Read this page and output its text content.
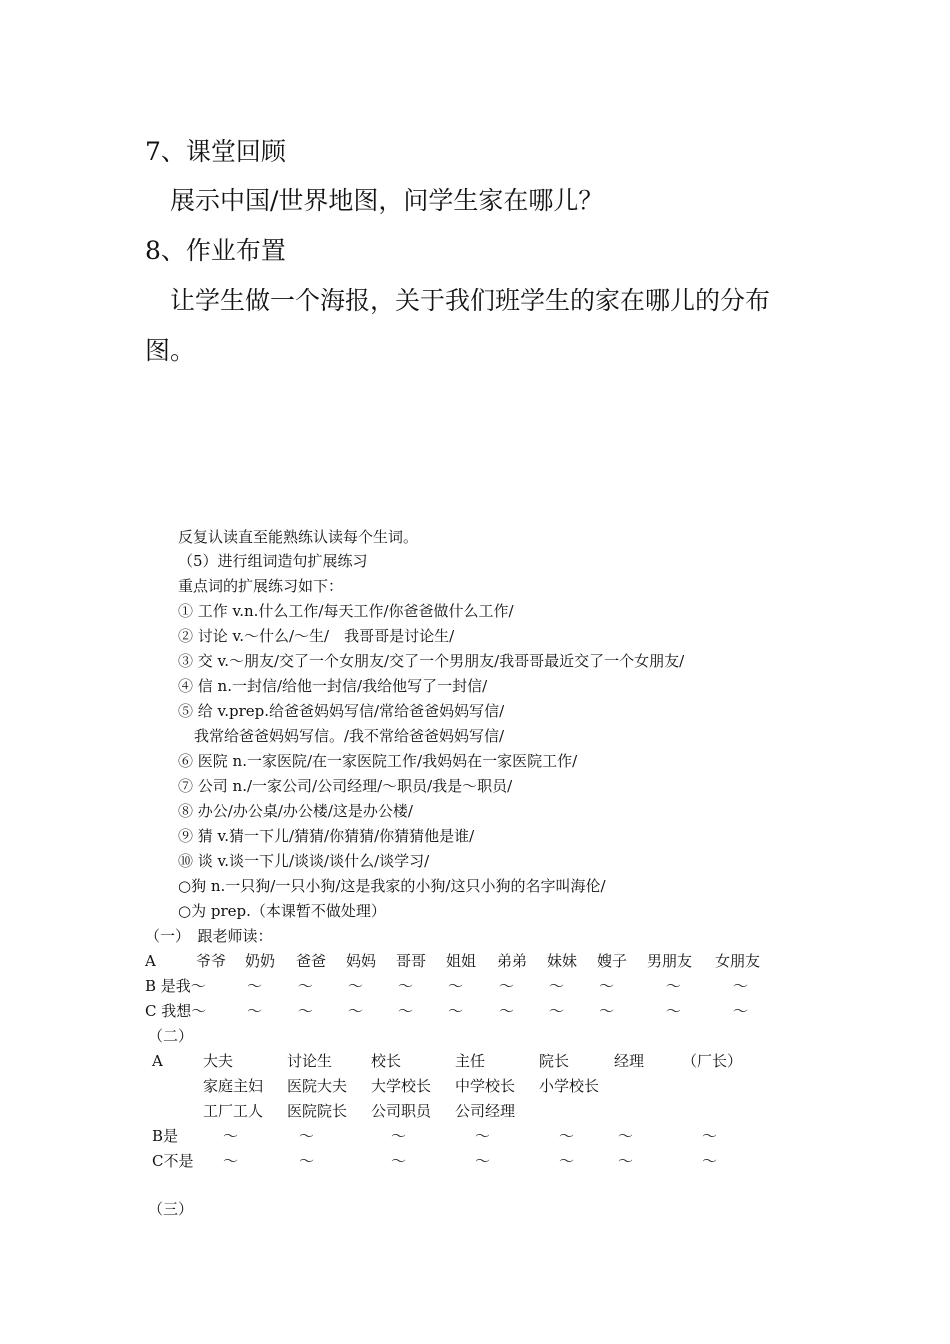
7、课堂回顾
展示中国/世界地图，问学生家在哪儿？
8、作业布置
让学生做一个海报，关于我们班学生的家在哪儿的分布
图。
反复认读直至能熟练认读每个生词。
（5）进行组词造句扩展练习
重点词的扩展练习如下：
① 工作 v.n.什么工作/每天工作/你爸爸做什么工作/
② 讨论 v.～什么/～生/　我哥哥是讨论生/
③ 交 v.～朋友/交了一个女朋友/交了一个男朋友/我哥哥最近交了一个女朋友/
④ 信 n.一封信/给他一封信/我给他写了一封信/
⑤ 给 v.prep.给爸爸妈妈写信/常给爸爸妈妈写信/
我常给爸爸妈妈写信。/我不常给爸爸妈妈写信/
⑥ 医院 n.一家医院/在一家医院工作/我妈妈在一家医院工作/
⑦ 公司 n./一家公司/公司经理/～职员/我是～职员/
⑧ 办公/办公桌/办公楼/这是办公楼/
⑨ 猜 v.猜一下儿/猜猜/你猜猜/你猜猜他是谁/
⑩ 谈 v.谈一下儿/谈谈/谈什么/谈学习/
○狗 n.一只狗/一只小狗/这是我家的小狗/这只小狗的名字叫海伦/
○为 prep.（本课暂不做处理）
（一）　跟老师读：
A	爷爷 奶奶 爸爸 妈妈 哥哥 姐姐 弟弟 妹妹 嫂子 男朋友 女朋友
B 是我～	～ ～ ～ ～ ～ ～ ～ ～	～	～
C 我想～	～ ～ ～ ～ ～ ～ ～ ～	～	～
（二）
A	大夫	讨论生	校长	主任	院长	经理	（厂长）
家庭主妇 医院大夫 大学校长 中学校长 小学校长
工厂工人 医院院长 公司职员 公司经理
B是	～	～	～	～	～	～	～
C不是 ～	～	～	～	～	～	～
（三）
